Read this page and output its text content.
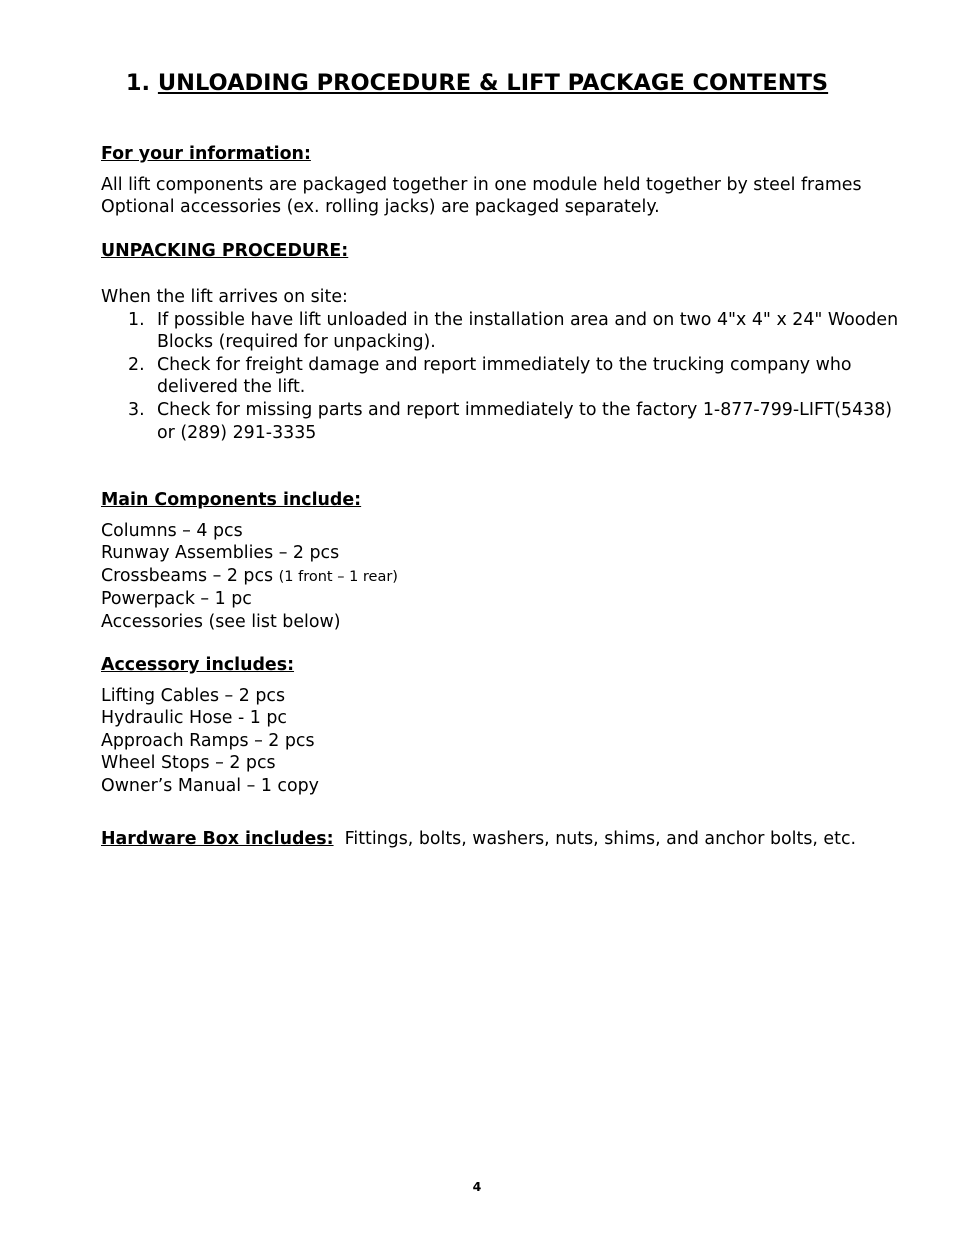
1. UNLOADING PROCEDURE & LIFT PACKAGE CONTENTS
For your information:
All lift components are packaged together in one module held together by steel frames
Optional accessories (ex. rolling jacks) are packaged separately.
UNPACKING PROCEDURE:
When the lift arrives on site:
1. If possible have lift unloaded in the installation area and on two 4"x 4" x 24" Wooden
Blocks (required for unpacking).
2. Check for freight damage and report immediately to the trucking company who
delivered the lift.
3. Check for missing parts and report immediately to the factory 1-877-799-LIFT(5438)
or (289) 291-3335
Main Components include:
Columns – 4 pcs
Runway Assemblies – 2 pcs
Crossbeams – 2 pcs (1 front – 1 rear)
Powerpack – 1 pc
Accessories (see list below)
Accessory includes:
Lifting Cables – 2 pcs
Hydraulic Hose - 1 pc
Approach Ramps – 2 pcs
Wheel Stops – 2 pcs
Owner’s Manual – 1 copy
Hardware Box includes: Fittings, bolts, washers, nuts, shims, and anchor bolts, etc.
4
